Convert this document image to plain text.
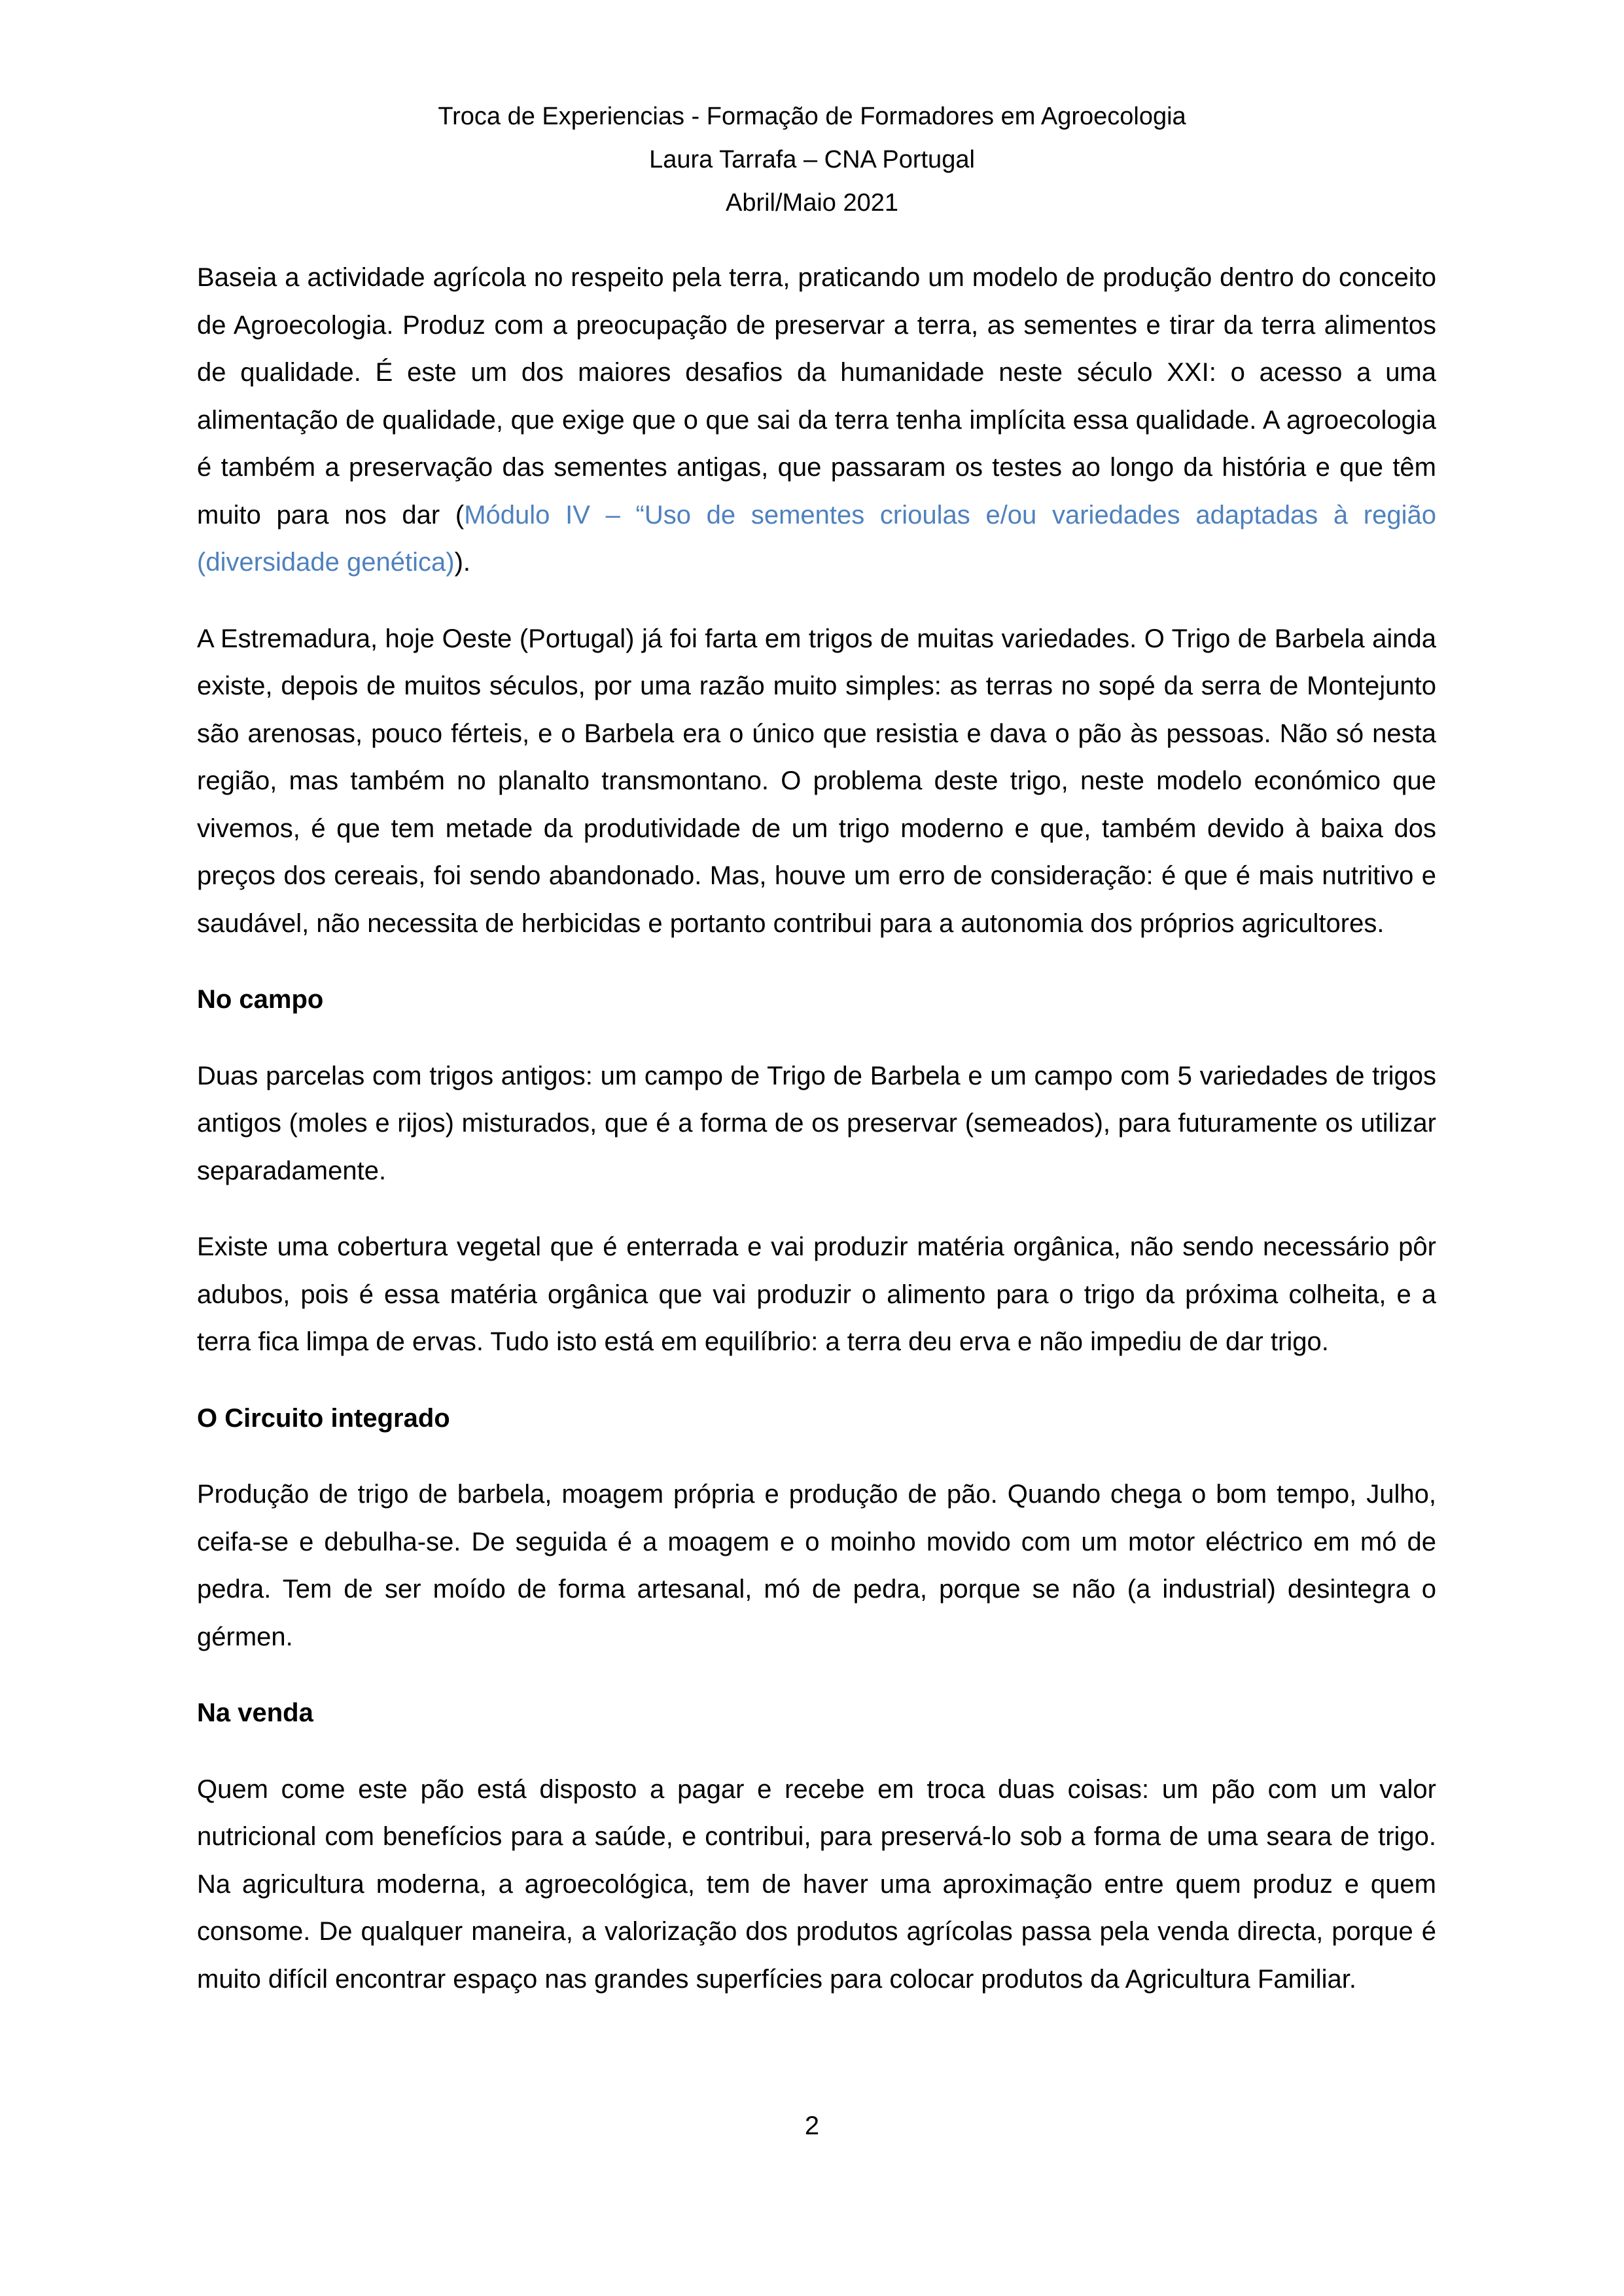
Troca de Experiencias - Formação de Formadores em Agroecologia
Laura Tarrafa – CNA Portugal
Abril/Maio 2021

Baseia a actividade agrícola no respeito pela terra, praticando um modelo de produção dentro do conceito de Agroecologia. Produz com a preocupação de preservar a terra, as sementes e tirar da terra alimentos de qualidade. É este um dos maiores desafios da humanidade neste século XXI: o acesso a uma alimentação de qualidade, que exige que o que sai da terra tenha implícita essa qualidade. A agroecologia é também a preservação das sementes antigas, que passaram os testes ao longo da história e que têm muito para nos dar (Módulo IV – “Uso de sementes crioulas e/ou variedades adaptadas à região (diversidade genética)).

A Estremadura, hoje Oeste (Portugal) já foi farta em trigos de muitas variedades. O Trigo de Barbela ainda existe, depois de muitos séculos, por uma razão muito simples: as terras no sopé da serra de Montejunto são arenosas, pouco férteis, e o Barbela era o único que resistia e dava o pão às pessoas. Não só nesta região, mas também no planalto transmontano. O problema deste trigo, neste modelo económico que vivemos, é que tem metade da produtividade de um trigo moderno e que, também devido à baixa dos preços dos cereais, foi sendo abandonado. Mas, houve um erro de consideração: é que é mais nutritivo e saudável, não necessita de herbicidas e portanto contribui para a autonomia dos próprios agricultores.

No campo

Duas parcelas com trigos antigos: um campo de Trigo de Barbela e um campo com 5 variedades de trigos antigos (moles e rijos) misturados, que é a forma de os preservar (semeados), para futuramente os utilizar separadamente.

Existe uma cobertura vegetal que é enterrada e vai produzir matéria orgânica, não sendo necessário pôr adubos, pois é essa matéria orgânica que vai produzir o alimento para o trigo da próxima colheita, e a terra fica limpa de ervas. Tudo isto está em equilíbrio: a terra deu erva e não impediu de dar trigo.

O Circuito integrado

Produção de trigo de barbela, moagem própria e produção de pão. Quando chega o bom tempo, Julho, ceifa-se e debulha-se. De seguida é a moagem e o moinho movido com um motor eléctrico em mó de pedra. Tem de ser moído de forma artesanal, mó de pedra, porque se não (a industrial) desintegra o gérmen.

Na venda

Quem come este pão está disposto a pagar e recebe em troca duas coisas: um pão com um valor nutricional com benefícios para a saúde, e contribui, para preservá-lo sob a forma de uma seara de trigo. Na agricultura moderna, a agroecológica, tem de haver uma aproximação entre quem produz e quem consome. De qualquer maneira, a valorização dos produtos agrícolas passa pela venda directa, porque é muito difícil encontrar espaço nas grandes superfícies para colocar produtos da Agricultura Familiar.

2
